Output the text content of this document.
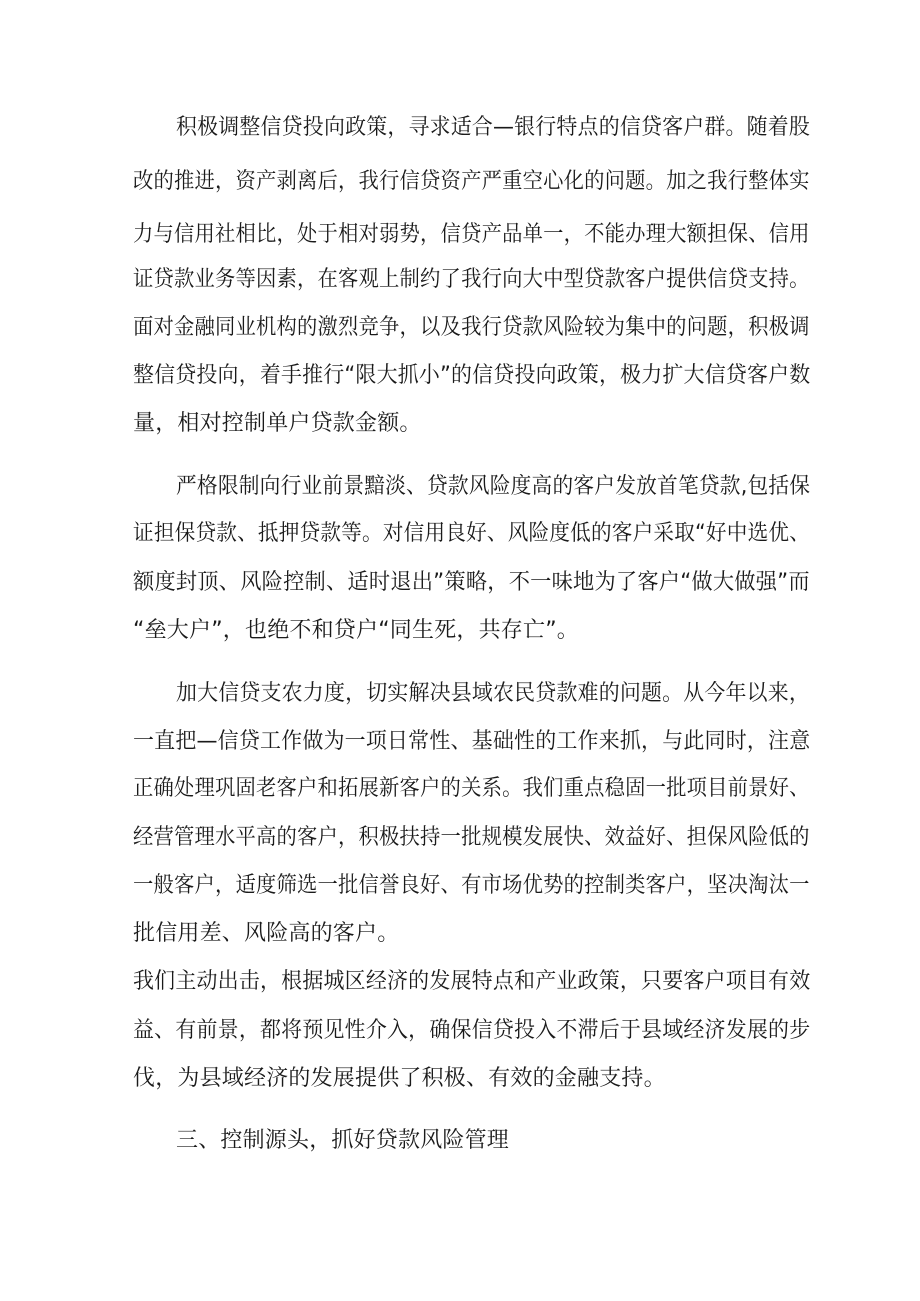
积极调整信贷投向政策，寻求适合—银行特点的信贷客户群。随着股
改的推进，资产剥离后，我行信贷资产严重空心化的问题。加之我行整体实
力与信用社相比，处于相对弱势，信贷产品单一，不能办理大额担保、信用
证贷款业务等因素，在客观上制约了我行向大中型贷款客户提供信贷支持。
面对金融同业机构的激烈竞争，以及我行贷款风险较为集中的问题，积极调
整信贷投向，着手推行“限大抓小”的信贷投向政策，极力扩大信贷客户数
量，相对控制单户贷款金额。
严格限制向行业前景黯淡、贷款风险度高的客户发放首笔贷款,包括保
证担保贷款、抵押贷款等。对信用良好、风险度低的客户采取“好中选优、
额度封顶、风险控制、适时退出”策略，不一味地为了客户“做大做强”而
“垒大户”，也绝不和贷户“同生死，共存亡”。
加大信贷支农力度，切实解决县域农民贷款难的问题。从今年以来，
一直把—信贷工作做为一项日常性、基础性的工作来抓，与此同时，注意
正确处理巩固老客户和拓展新客户的关系。我们重点稳固一批项目前景好、
经营管理水平高的客户，积极扶持一批规模发展快、效益好、担保风险低的
一般客户，适度筛选一批信誉良好、有市场优势的控制类客户，坚决淘汰一
批信用差、风险高的客户。
我们主动出击，根据城区经济的发展特点和产业政策，只要客户项目有效
益、有前景，都将预见性介入，确保信贷投入不滞后于县域经济发展的步
伐，为县域经济的发展提供了积极、有效的金融支持。
三、控制源头，抓好贷款风险管理
